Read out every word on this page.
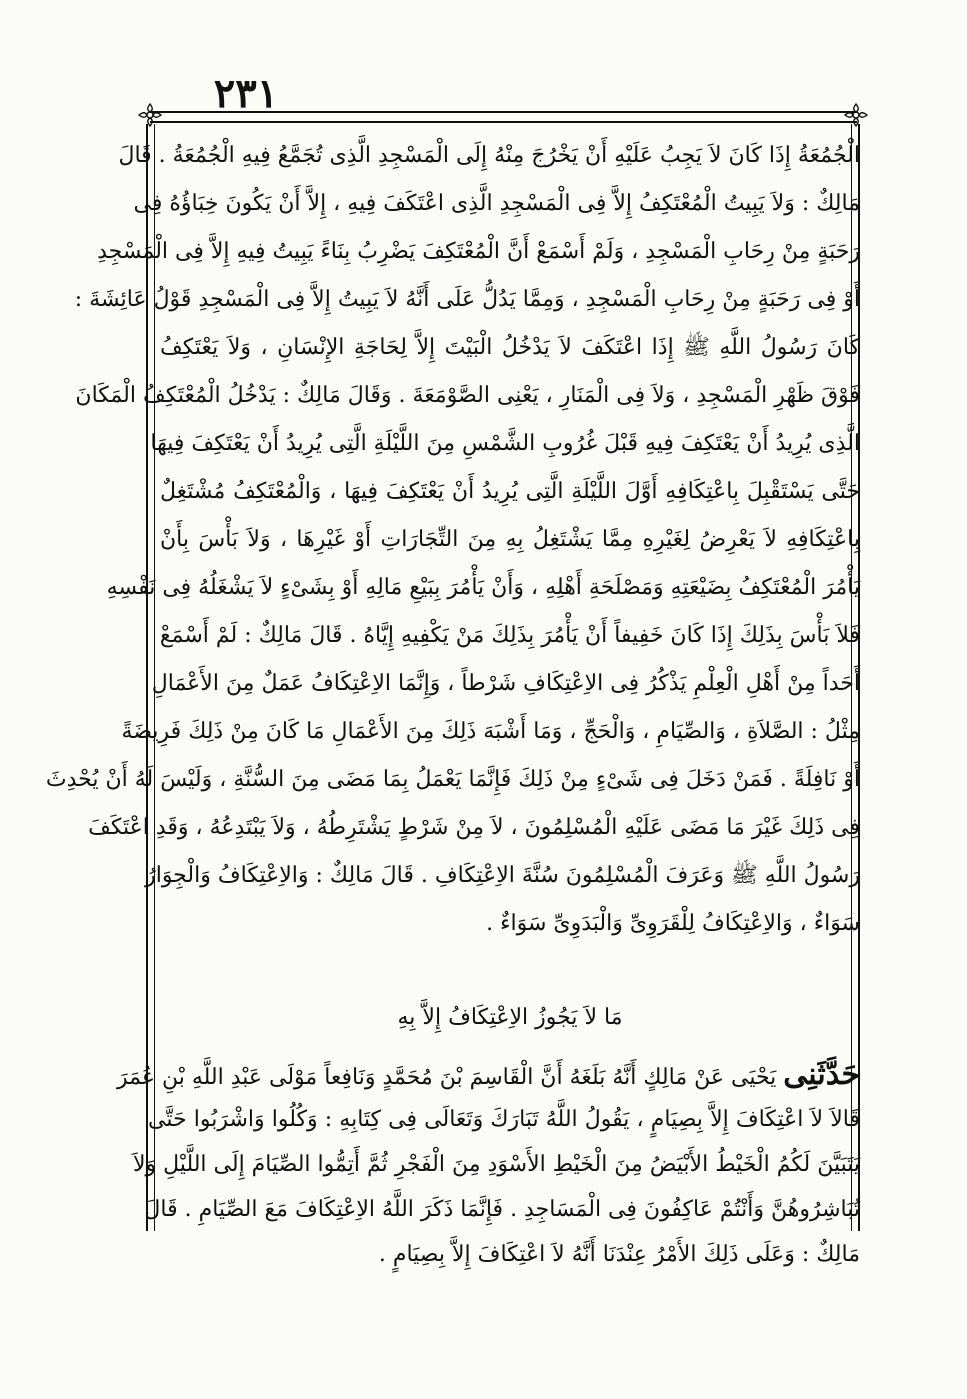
٢٣١
الْجُمُعَةُ إِذَا كَانَ لاَ يَجِبُ عَلَيْهِ أَنْ يَخْرُجَ مِنْهُ إِلَى الْمَسْجِدِ الَّذِى تُجَمَّعُ فِيهِ الْجُمُعَةُ . قَالَ
مَالِكٌ : وَلاَ يَبِيتُ الْمُعْتَكِفُ إِلاَّ فِى الْمَسْجِدِ الَّذِى اعْتَكَفَ فِيهِ ، إِلاَّ أَنْ يَكُونَ خِبَاؤُهُ فِى
رَحَبَةٍ مِنْ رِحَابِ الْمَسْجِدِ ، وَلَمْ أَسْمَعْ أَنَّ الْمُعْتَكِفَ يَضْرِبُ بِنَاءً يَبِيتُ فِيهِ إِلاَّ فِى الْمَسْجِدِ
أَوْ فِى رَحَبَةٍ مِنْ رِحَابِ الْمَسْجِدِ ، وَمِمَّا يَدُلُّ عَلَى أَنَّهُ لاَ يَبِيتُ إِلاَّ فِى الْمَسْجِدِ قَوْلُ عَائِشَةَ :
كَانَ رَسُولُ اللَّهِ ﷺ إِذَا اعْتَكَفَ لاَ يَدْخُلُ الْبَيْتَ إِلاَّ لِحَاجَةِ الإِنْسَانِ ، وَلاَ يَعْتَكِفُ
فَوْقَ ظَهْرِ الْمَسْجِدِ ، وَلاَ فِى الْمَنَارِ ، يَعْنِى الصَّوْمَعَةَ . وَقَالَ مَالِكٌ : يَدْخُلُ الْمُعْتَكِفُ الْمَكَانَ
الَّذِى يُرِيدُ أَنْ يَعْتَكِفَ فِيهِ قَبْلَ غُرُوبِ الشَّمْسِ مِنَ اللَّيْلَةِ الَّتِى يُرِيدُ أَنْ يَعْتَكِفَ فِيهَا
حَتَّى يَسْتَقْبِلَ بِاعْتِكَافِهِ أَوَّلَ اللَّيْلَةِ الَّتِى يُرِيدُ أَنْ يَعْتَكِفَ فِيهَا ، وَالْمُعْتَكِفُ مُشْتَغِلٌ
بِاعْتِكَافِهِ لاَ يَعْرِضُ لِغَيْرِهِ مِمَّا يَشْتَغِلُ بِهِ مِنَ التِّجَارَاتِ أَوْ غَيْرِهَا ، وَلاَ بَأْسَ بِأَنْ
يَأْمُرَ الْمُعْتَكِفُ بِضَيْعَتِهِ وَمَصْلَحَةِ أَهْلِهِ ، وَأَنْ يَأْمُرَ بِبَيْعِ مَالِهِ أَوْ بِشَىْءٍ لاَ يَشْغَلُهُ فِى نَفْسِهِ
فَلاَ بَأْسَ بِذَلِكَ إِذَا كَانَ خَفِيفاً أَنْ يَأْمُرَ بِذَلِكَ مَنْ يَكْفِيهِ إِيَّاهُ . قَالَ مَالِكٌ : لَمْ أَسْمَعْ
أَحَداً مِنْ أَهْلِ الْعِلْمِ يَذْكُرُ فِى الاِعْتِكَافِ شَرْطاً ، وَإِنَّمَا الاِعْتِكَافُ عَمَلٌ مِنَ الأَعْمَالِ
مِثْلُ : الصَّلاَةِ ، وَالصِّيَامِ ، وَالْحَجِّ ، وَمَا أَشْبَهَ ذَلِكَ مِنَ الأَعْمَالِ مَا كَانَ مِنْ ذَلِكَ فَرِيضَةً
أَوْ نَافِلَةً . فَمَنْ دَخَلَ فِى شَىْءٍ مِنْ ذَلِكَ فَإِنَّمَا يَعْمَلُ بِمَا مَضَى مِنَ السُّنَّةِ ، وَلَيْسَ لَهُ أَنْ يُحْدِثَ
فِى ذَلِكَ غَيْرَ مَا مَضَى عَلَيْهِ الْمُسْلِمُونَ ، لاَ مِنْ شَرْطٍ يَشْتَرِطُهُ ، وَلاَ يَبْتَدِعُهُ ، وَقَدِ اعْتَكَفَ
رَسُولُ اللَّهِ ﷺ وَعَرَفَ الْمُسْلِمُونَ سُنَّةَ الاِعْتِكَافِ . قَالَ مَالِكٌ : وَالاِعْتِكَافُ وَالْجِوَارُ
سَوَاءٌ ، وَالاِعْتِكَافُ لِلْقَرَوِىِّ وَالْبَدَوِىِّ سَوَاءٌ .
مَا لاَ يَجُوزُ الاِعْتِكَافُ إِلاَّ بِهِ
حَدَّثَنِى يَحْيَى عَنْ مَالِكٍ أَنَّهُ بَلَغَهُ أَنَّ الْقَاسِمَ بْنَ مُحَمَّدٍ وَنَافِعاً مَوْلَى عَبْدِ اللَّهِ بْنِ عُمَرَ
قَالاَ لاَ اعْتِكَافَ إِلاَّ بِصِيَامٍ ، يَقُولُ اللَّهُ تَبَارَكَ وَتَعَالَى فِى كِتَابِهِ : وَكُلُوا وَاشْرَبُوا حَتَّى
يَتَبَيَّنَ لَكُمُ الْخَيْطُ الأَبْيَضُ مِنَ الْخَيْطِ الأَسْوَدِ مِنَ الْفَجْرِ ثُمَّ أَتِمُّوا الصِّيَامَ إِلَى اللَّيْلِ وَلاَ
تُبَاشِرُوهُنَّ وَأَنْتُمْ عَاكِفُونَ فِى الْمَسَاجِدِ . فَإِنَّمَا ذَكَرَ اللَّهُ الاِعْتِكَافَ مَعَ الصِّيَامِ . قَالَ
مَالِكٌ : وَعَلَى ذَلِكَ الأَمْرُ عِنْدَنَا أَنَّهُ لاَ اعْتِكَافَ إِلاَّ بِصِيَامٍ .
